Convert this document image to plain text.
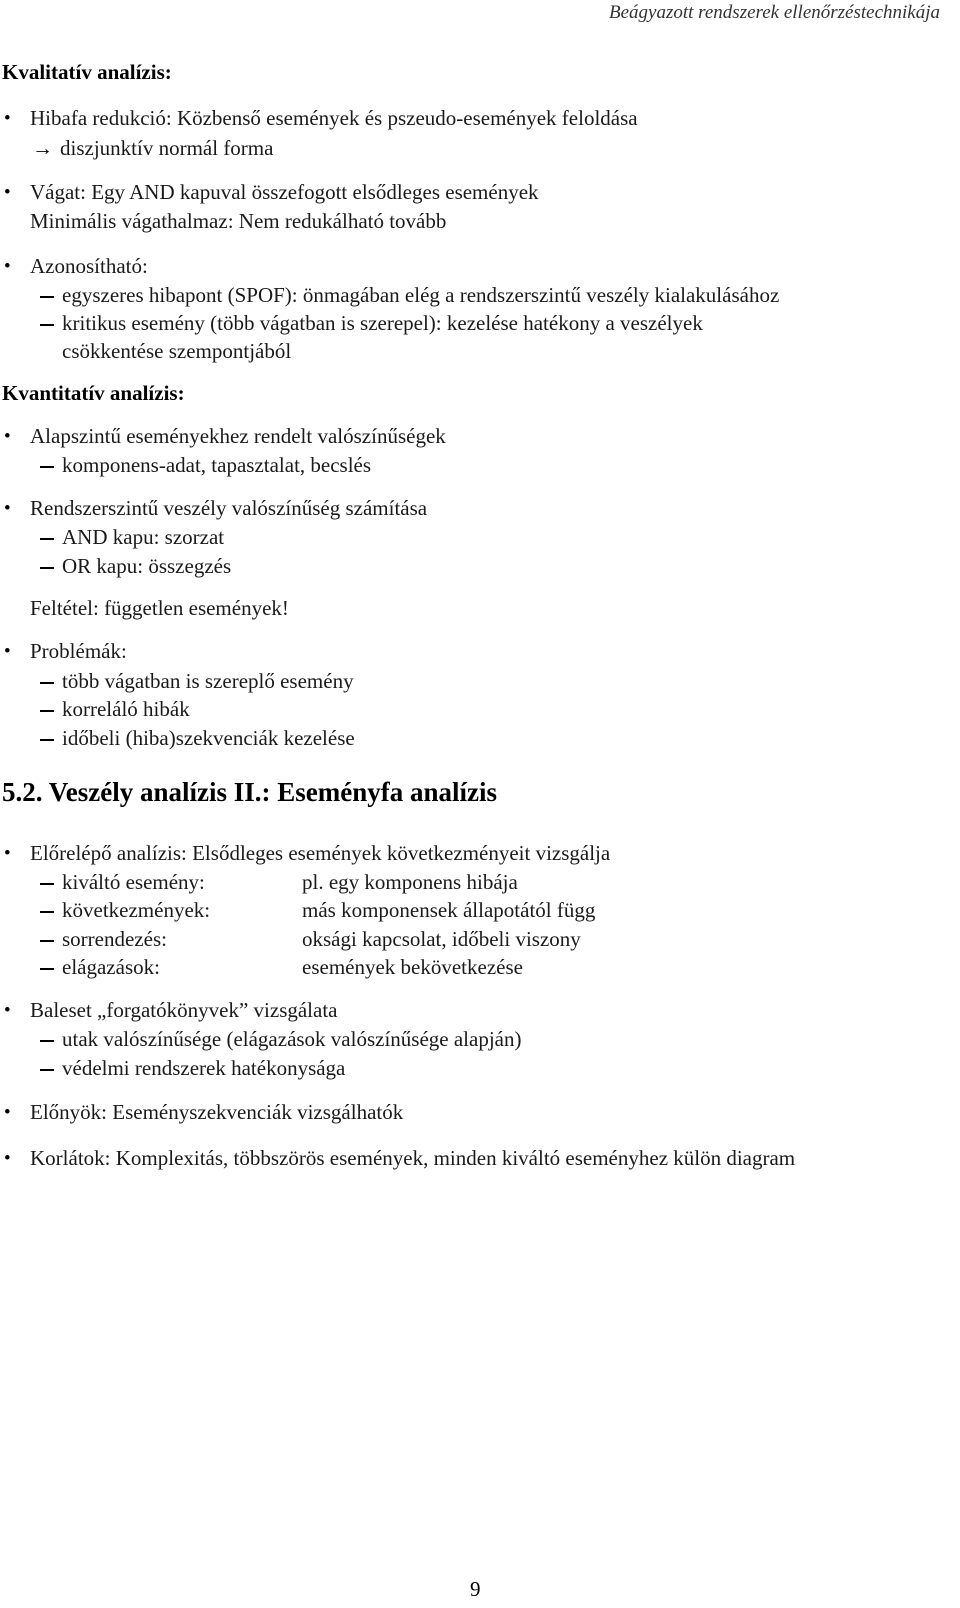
Beágyazott rendszerek ellenőrzéstechnikája
Kvalitatív analízis:
• Hibafa redukció: Közbenső események és pszeudo-események feloldása
→ diszjunktív normál forma
• Vágat: Egy AND kapuval összefogott elsődleges események
Minimális vágathalmaz: Nem redukálható tovább
• Azonosítható:
egyszeres hibapont (SPOF): önmagában elég a rendszerszintű veszély kialakulásához
kritikus esemény (több vágatban is szerepel): kezelése hatékony a veszélyek
csökkentése szempontjából
Kvantitatív analízis:
• Alapszintű eseményekhez rendelt valószínűségek
komponens-adat, tapasztalat, becslés
• Rendszerszintű veszély valószínűség számítása
AND kapu: szorzat
OR kapu: összegzés
Feltétel: független események!
• Problémák:
több vágatban is szereplő esemény
korreláló hibák
időbeli (hiba)szekvenciák kezelése
5.2. Veszély analízis II.: Eseményfa analízis
• Előrelépő analízis: Elsődleges események következményeit vizsgálja
kiváltó esemény:	pl. egy komponens hibája
következmények:	más komponensek állapotától függ
sorrendezés:	oksági kapcsolat, időbeli viszony
elágazások:	események bekövetkezése
• Baleset „forgatókönyvek” vizsgálata
utak valószínűsége (elágazások valószínűsége alapján)
védelmi rendszerek hatékonysága
• Előnyök: Eseményszekvenciák vizsgálhatók
• Korlátok: Komplexitás, többszörös események, minden kiváltó eseményhez külön diagram
9
